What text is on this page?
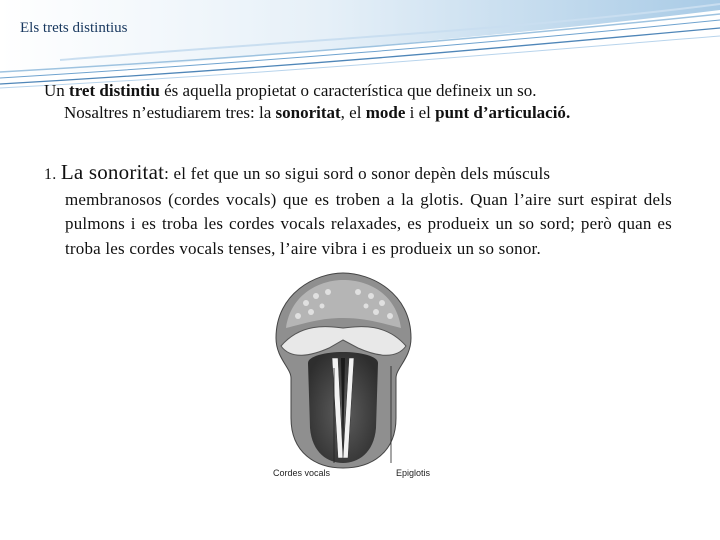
Els trets distintius
Un tret distintiu és aquella propietat o característica que defineix un so.
Nosaltres n’estudiarem tres: la sonoritat, el mode i el punt d’articulació.
1. La sonoritat: el fet que un so sigui sord o sonor depèn dels músculs
membranosos (cordes vocals) que es troben a la glotis. Quan l’aire surt espirat dels pulmons i es troba les cordes vocals relaxades, es produeix un so sord; però quan es troba les cordes vocals tenses, l’aire vibra i es produeix un so sonor.
Cordes vocals	Epiglotis
